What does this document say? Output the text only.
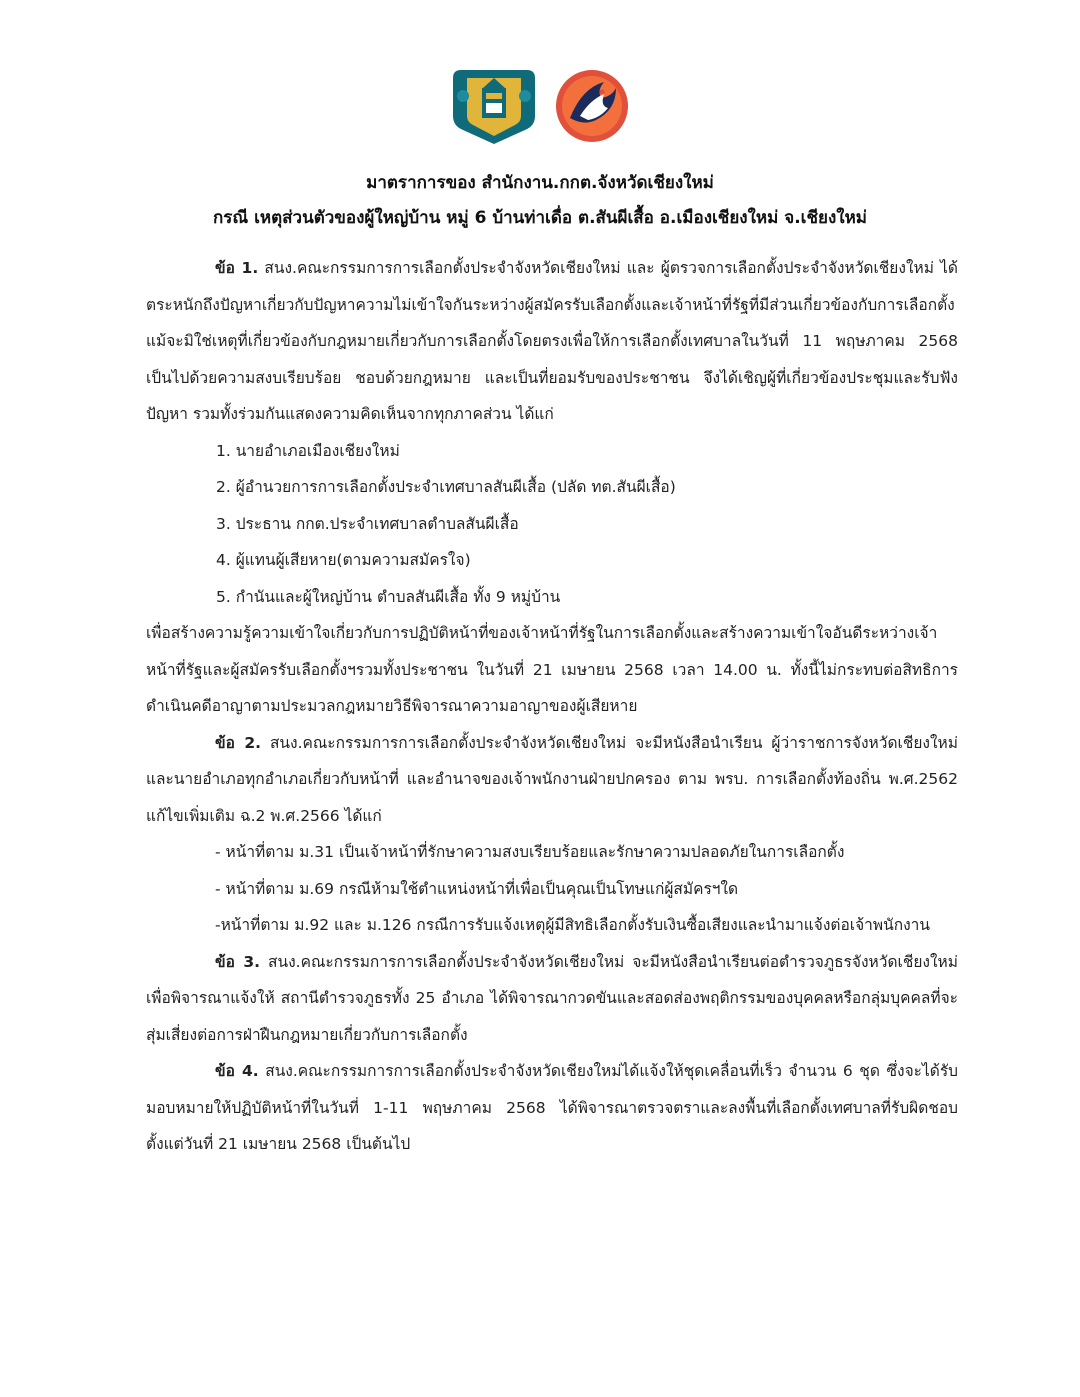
มาตราการของ สำนักงาน.กกต.จังหวัดเชียงใหม่
กรณี เหตุส่วนตัวของผู้ใหญ่บ้าน หมู่ 6 บ้านท่าเดื่อ ต.สันผีเสื้อ อ.เมืองเชียงใหม่ จ.เชียงใหม่

ข้อ 1. สนง.คณะกรรมการการเลือกตั้งประจำจังหวัดเชียงใหม่ และ ผู้ตรวจการเลือกตั้งประจำจังหวัดเชียงใหม่ ได้ตระหนักถึงปัญหาเกี่ยวกับปัญหาความไม่เข้าใจกันระหว่างผู้สมัครรับเลือกตั้งและเจ้าหน้าที่รัฐที่มีส่วนเกี่ยวข้องกับการเลือกตั้งแม้จะมิใช่เหตุที่เกี่ยวข้องกับกฎหมายเกี่ยวกับการเลือกตั้งโดยตรงเพื่อให้การเลือกตั้งเทศบาลในวันที่ 11 พฤษภาคม 2568 เป็นไปด้วยความสงบเรียบร้อย ชอบด้วยกฎหมาย และเป็นที่ยอมรับของประชาชน จึงได้เชิญผู้ที่เกี่ยวข้องประชุมและรับฟังปัญหา รวมทั้งร่วมกันแสดงความคิดเห็นจากทุกภาคส่วน ได้แก่

1. นายอำเภอเมืองเชียงใหม่
2. ผู้อำนวยการการเลือกตั้งประจำเทศบาลสันผีเสื้อ (ปลัด ทต.สันผีเสื้อ)
3. ประธาน กกต.ประจำเทศบาลตำบลสันผีเสื้อ
4. ผู้แทนผู้เสียหาย(ตามความสมัครใจ)
5. กำนันและผู้ใหญ่บ้าน ตำบลสันผีเสื้อ ทั้ง 9 หมู่บ้าน

เพื่อสร้างความรู้ความเข้าใจเกี่ยวกับการปฏิบัติหน้าที่ของเจ้าหน้าที่รัฐในการเลือกตั้งและสร้างความเข้าใจอันดีระหว่างเจ้าหน้าที่รัฐและผู้สมัครรับเลือกตั้งฯรวมทั้งประชาชน ในวันที่ 21 เมษายน 2568 เวลา 14.00 น. ทั้งนี้ไม่กระทบต่อสิทธิการดำเนินคดีอาญาตามประมวลกฎหมายวิธีพิจารณาความอาญาของผู้เสียหาย

ข้อ 2. สนง.คณะกรรมการการเลือกตั้งประจำจังหวัดเชียงใหม่ จะมีหนังสือนำเรียน ผู้ว่าราชการจังหวัดเชียงใหม่และนายอำเภอทุกอำเภอเกี่ยวกับหน้าที่ และอำนาจของเจ้าพนักงานฝ่ายปกครอง ตาม พรบ. การเลือกตั้งท้องถิ่น พ.ศ.2562 แก้ไขเพิ่มเติม ฉ.2 พ.ศ.2566 ได้แก่

- หน้าที่ตาม ม.31 เป็นเจ้าหน้าที่รักษาความสงบเรียบร้อยและรักษาความปลอดภัยในการเลือกตั้ง
- หน้าที่ตาม ม.69 กรณีห้ามใช้ตำแหน่งหน้าที่เพื่อเป็นคุณเป็นโทษแก่ผู้สมัครฯใด

-หน้าที่ตาม ม.92 และ ม.126 กรณีการรับแจ้งเหตุผู้มีสิทธิเลือกตั้งรับเงินซื้อเสียงและนำมาแจ้งต่อเจ้าพนักงาน

ข้อ 3. สนง.คณะกรรมการการเลือกตั้งประจำจังหวัดเชียงใหม่ จะมีหนังสือนำเรียนต่อตำรวจภูธรจังหวัดเชียงใหม่เพื่อพิจารณาแจ้งให้ สถานีตำรวจภูธรทั้ง 25 อำเภอ ได้พิจารณากวดขันและสอดส่องพฤติกรรมของบุคคลหรือกลุ่มบุคคลที่จะสุ่มเสี่ยงต่อการฝ่าฝืนกฎหมายเกี่ยวกับการเลือกตั้ง

ข้อ 4. สนง.คณะกรรมการการเลือกตั้งประจำจังหวัดเชียงใหม่ได้แจ้งให้ชุดเคลื่อนที่เร็ว จำนวน 6 ชุด ซึ่งจะได้รับมอบหมายให้ปฏิบัติหน้าที่ในวันที่ 1-11 พฤษภาคม 2568 ได้พิจารณาตรวจตราและลงพื้นที่เลือกตั้งเทศบาลที่รับผิดชอบ ตั้งแต่วันที่ 21 เมษายน 2568 เป็นต้นไป
